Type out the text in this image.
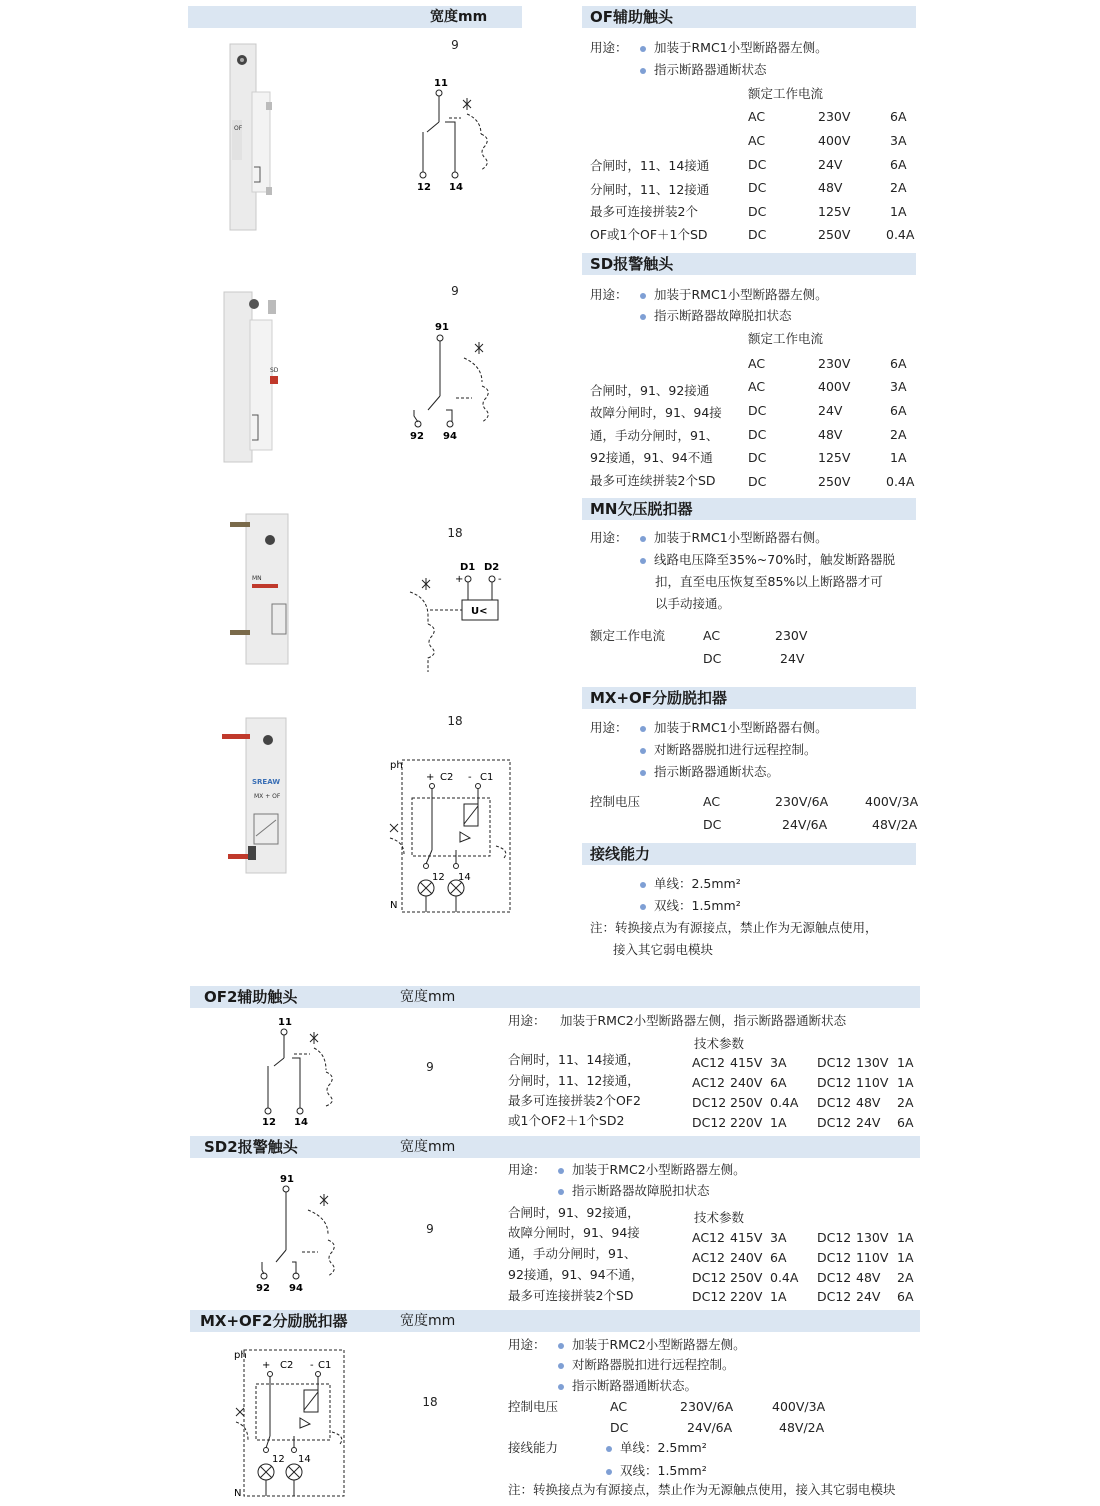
宽度mm	OF辅助触头
OF
9
11
12 14
用途：	加装于RMC1小型断路器左侧。
指示断路器通断状态
额定工作电流
合闸时，11、14接通
分闸时，11、12接通
最多可连接拼装2个
OF或1个OF＋1个SD
AC	230V	6A
AC	400V	3A
DC	24V	6A
DC	48V	2A
DC	125V	1A
DC	250V	0.4A
SD报警触头
SD
9
91
92 94
用途：	加装于RMC1小型断路器左侧。
指示断路器故障脱扣状态
额定工作电流
合闸时，91、92接通
故障分闸时，91、94接
通，手动分闸时，91、
92接通，91、94不通
最多可连续拼装2个SD
AC	230V	6A
AC	400V	3A
DC	24V	6A
DC	48V	2A
DC	125V	1A
DC	250V	0.4A
MN欠压脱扣器
MN
18
D1 D2
+	-
U<
用途：	加装于RMC1小型断路器右侧。
线路电压降至35%~70%时，触发断路器脱
扣，直至电压恢复至85%以上断路器才可
以手动接通。
额定工作电流	AC	230V
DC	24V
MX+OF分励脱扣器
SREAW
MX + OF
18
ph
N
+ C2 - C1
12 14
用途：	加装于RMC1小型断路器右侧。
对断路器脱扣进行远程控制。
指示断路器通断状态。
控制电压	AC	230V/6A	400V/3A
DC	24V/6A	48V/2A
接线能力
单线：2.5mm²
双线：1.5mm²
注：转换接点为有源接点，禁止作为无源触点使用，
接入其它弱电模块
OF2辅助触头	宽度mm
11
12 14
9
用途： 加装于RMC2小型断路器左侧，指示断路器通断状态
技术参数
合闸时，11、14接通，
分闸时，11、12接通，
最多可连接拼装2个OF2
或1个OF2＋1个SD2
AC12 415V 3A DC12 130V 1A
AC12 240V 6A DC12 110V 1A
DC12 250V 0.4A DC12 48V 2A
DC12 220V 1A DC12 24V 6A
SD2报警触头	宽度mm
91
92 94
9
用途：	加装于RMC2小型断路器左侧。
指示断路器故障脱扣状态
技术参数
合闸时，91、92接通，
故障分闸时，91、94接
通，手动分闸时，91、
92接通，91、94不通，
最多可连接拼装2个SD
AC12 415V 3A DC12 130V 1A
AC12 240V 6A DC12 110V 1A
DC12 250V 0.4A DC12 48V 2A
DC12 220V 1A DC12 24V 6A
MX+OF2分励脱扣器	宽度mm
ph
N
+ C2 - C1
12 14
18
用途：	加装于RMC2小型断路器左侧。
对断路器脱扣进行远程控制。
指示断路器通断状态。
控制电压	AC	230V/6A	400V/3A
DC	24V/6A	48V/2A
接线能力	单线：2.5mm²
双线：1.5mm²
注：转换接点为有源接点，禁止作为无源触点使用，接入其它弱电模块
